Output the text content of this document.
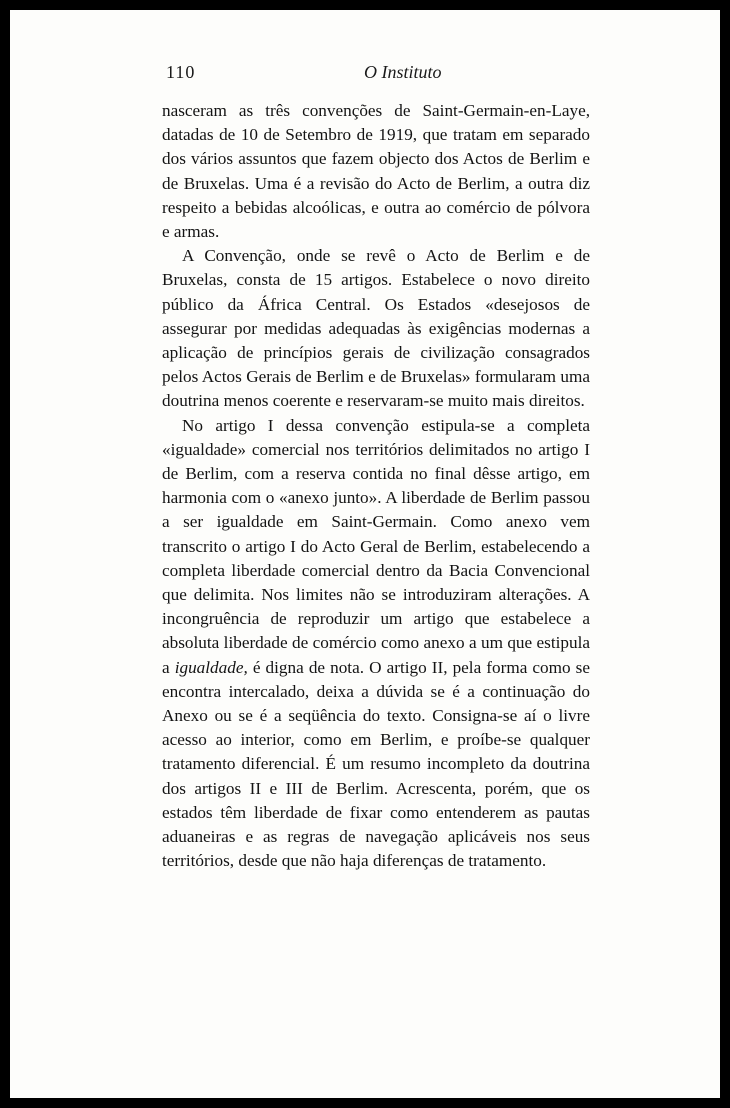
110	O Instituto

nasceram as três convenções de Saint-Germain-en-Laye, datadas de 10 de Setembro de 1919, que tratam em separado dos vários assuntos que fazem objecto dos Actos de Berlim e de Bruxelas. Uma é a revisão do Acto de Berlim, a outra diz respeito a bebidas alcoólicas, e outra ao comércio de pólvora e armas.

A Convenção, onde se revê o Acto de Berlim e de Bruxelas, consta de 15 artigos. Estabelece o novo direito público da África Central. Os Estados «desejosos de assegurar por medidas adequadas às exigências modernas a aplicação de princípios gerais de civilização consagrados pelos Actos Gerais de Berlim e de Bruxelas» formularam uma doutrina menos coerente e reservaram-se muito mais direitos.

No artigo I dessa convenção estipula-se a completa «igualdade» comercial nos territórios delimitados no artigo I de Berlim, com a reserva contida no final dêsse artigo, em harmonia com o «anexo junto». A liberdade de Berlim passou a ser igualdade em Saint-Germain. Como anexo vem transcrito o artigo I do Acto Geral de Berlim, estabelecendo a completa liberdade comercial dentro da Bacia Convencional que delimita. Nos limites não se introduziram alterações. A incongruência de reproduzir um artigo que estabelece a absoluta liberdade de comércio como anexo a um que estipula a igualdade, é digna de nota. O artigo II, pela forma como se encontra intercalado, deixa a dúvida se é a continuação do Anexo ou se é a seqüência do texto. Consigna-se aí o livre acesso ao interior, como em Berlim, e proíbe-se qualquer tratamento diferencial. É um resumo incompleto da doutrina dos artigos II e III de Berlim. Acrescenta, porém, que os estados têm liberdade de fixar como entenderem as pautas aduaneiras e as regras de navegação aplicáveis nos seus territórios, desde que não haja diferenças de tratamento.
